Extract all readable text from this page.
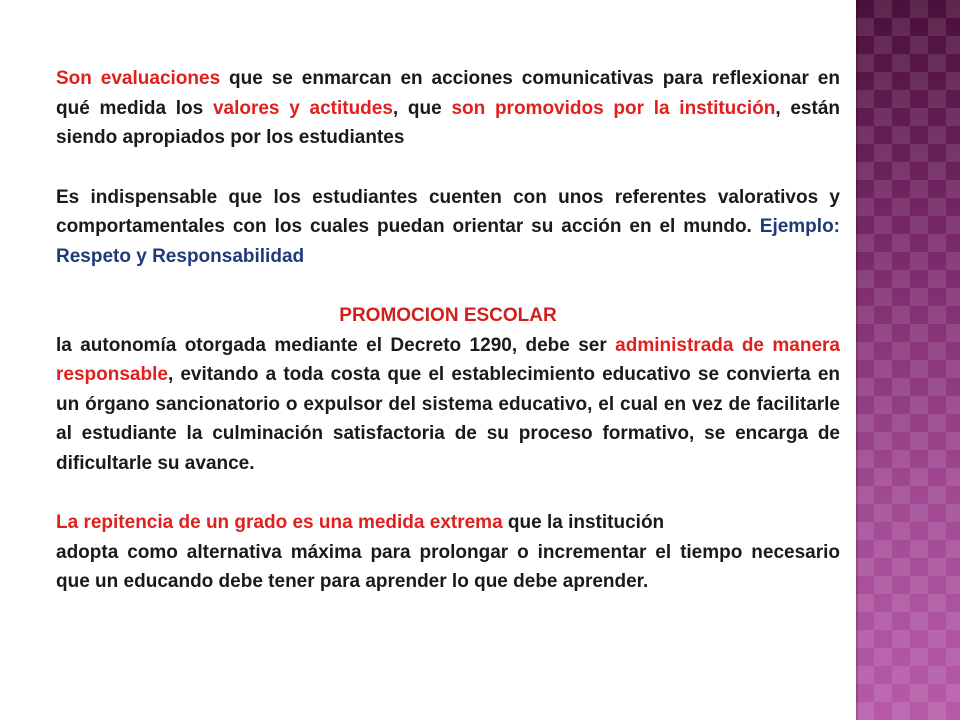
Son evaluaciones que se enmarcan en acciones comunicativas para reflexionar en qué medida los valores y actitudes, que son promovidos por la institución, están siendo apropiados por los estudiantes

Es indispensable que los estudiantes cuenten con unos referentes valorativos y comportamentales con los cuales puedan orientar su acción en el mundo. Ejemplo: Respeto y Responsabilidad

PROMOCION ESCOLAR

la autonomía otorgada mediante el Decreto 1290, debe ser administrada de manera responsable, evitando a toda costa que el establecimiento educativo se convierta en un órgano sancionatorio o expulsor del sistema educativo, el cual en vez de facilitarle al estudiante la culminación satisfactoria de su proceso formativo, se encarga de dificultarle su avance.

La repitencia de un grado es una medida extrema que la institución

adopta como alternativa máxima para prolongar o incrementar el tiempo necesario que un educando debe tener para aprender lo que debe aprender.
